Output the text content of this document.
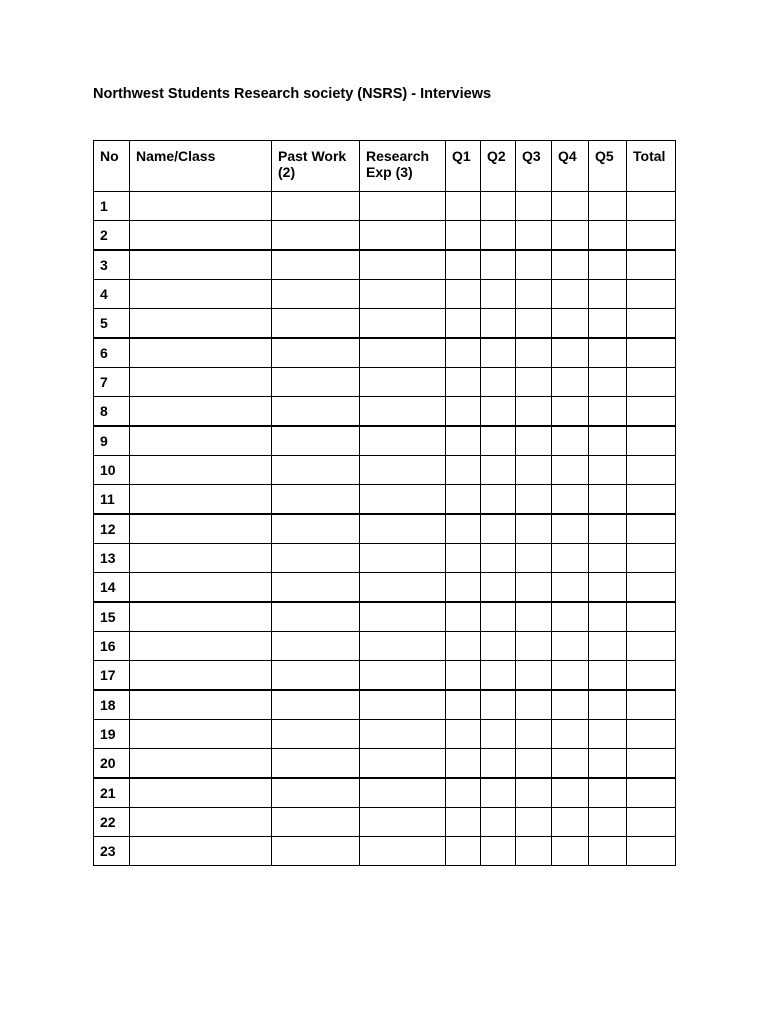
Northwest Students Research society (NSRS) - Interviews
No	Name/Class	Past Work (2)	Research Exp (3)	Q1	Q2	Q3	Q4	Q5	Total
1									
2									
3									
4									
5									
6									
7									
8									
9									
10									
11									
12									
13									
14									
15									
16									
17									
18									
19									
20									
21									
22									
23									
